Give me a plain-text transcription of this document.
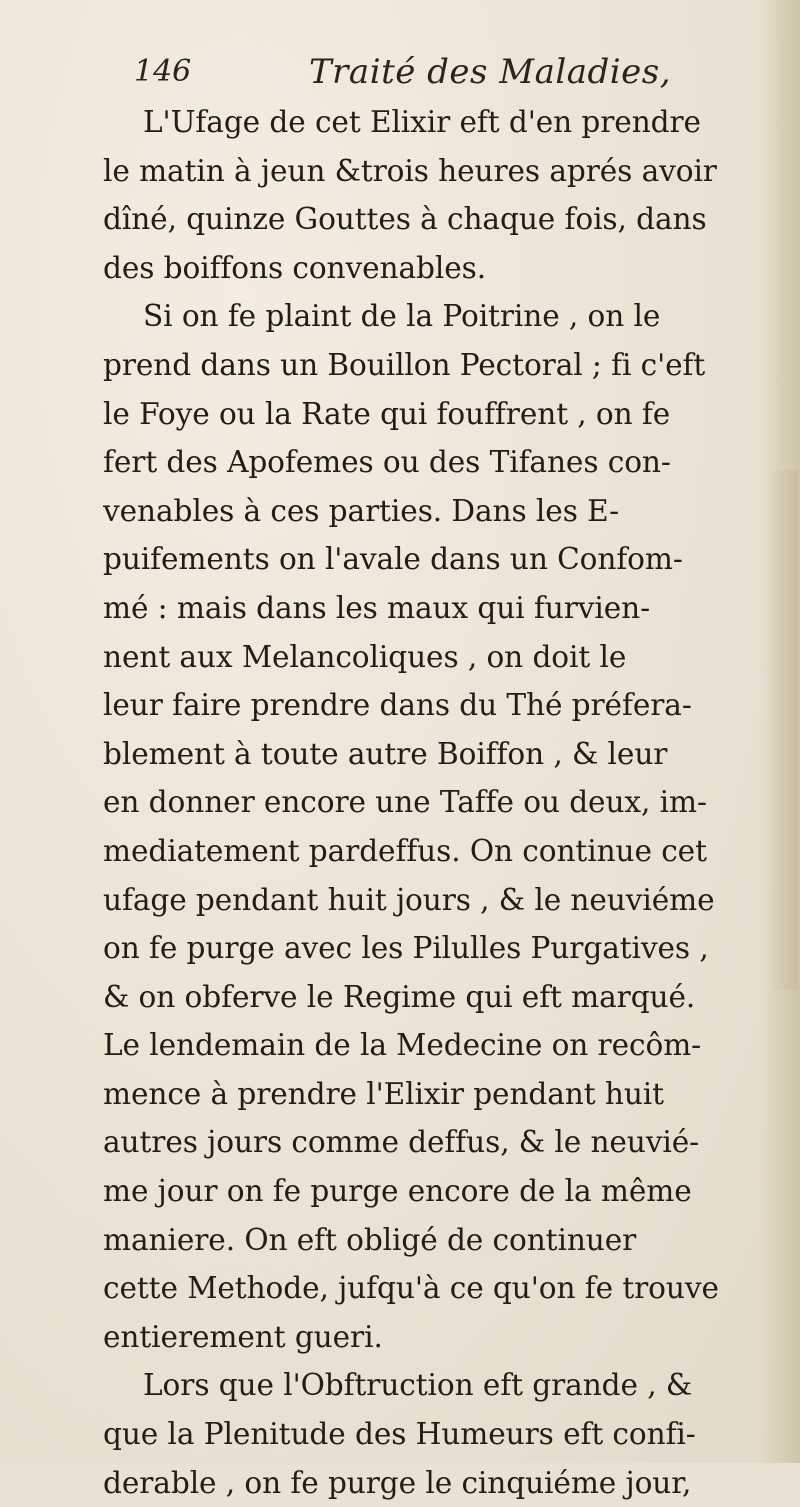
146	Traité des Maladies,
L'Ufage de cet Elixir eft d'en prendre
le matin à jeun &trois heures aprés avoir
dîné, quinze Gouttes à chaque fois, dans
des boiffons convenables.
Si on fe plaint de la Poitrine , on le
prend dans un Bouillon Pectoral ; fi c'eft
le Foye ou la Rate qui fouffrent , on fe
fert des Apofemes ou des Tifanes con-
venables à ces parties. Dans les E-
puifements on l'avale dans un Confom-
mé : mais dans les maux qui furvien-
nent aux Melancoliques , on doit le
leur faire prendre dans du Thé préfera-
blement à toute autre Boiffon , & leur
en donner encore une Taffe ou deux, im-
mediatement pardeffus. On continue cet
ufage pendant huit jours , & le neuviéme
on fe purge avec les Pilulles Purgatives ,
& on obferve le Regime qui eft marqué.
Le lendemain de la Medecine on recôm-
mence à prendre l'Elixir pendant huit
autres jours comme deffus, & le neuvié-
me jour on fe purge encore de la même
maniere. On eft obligé de continuer
cette Methode, jufqu'à ce qu'on fe trouve
entierement gueri.
Lors que l'Obftruction eft grande , &
que la Plenitude des Humeurs eft confi-
derable , on fe purge le cinquiéme jour,
